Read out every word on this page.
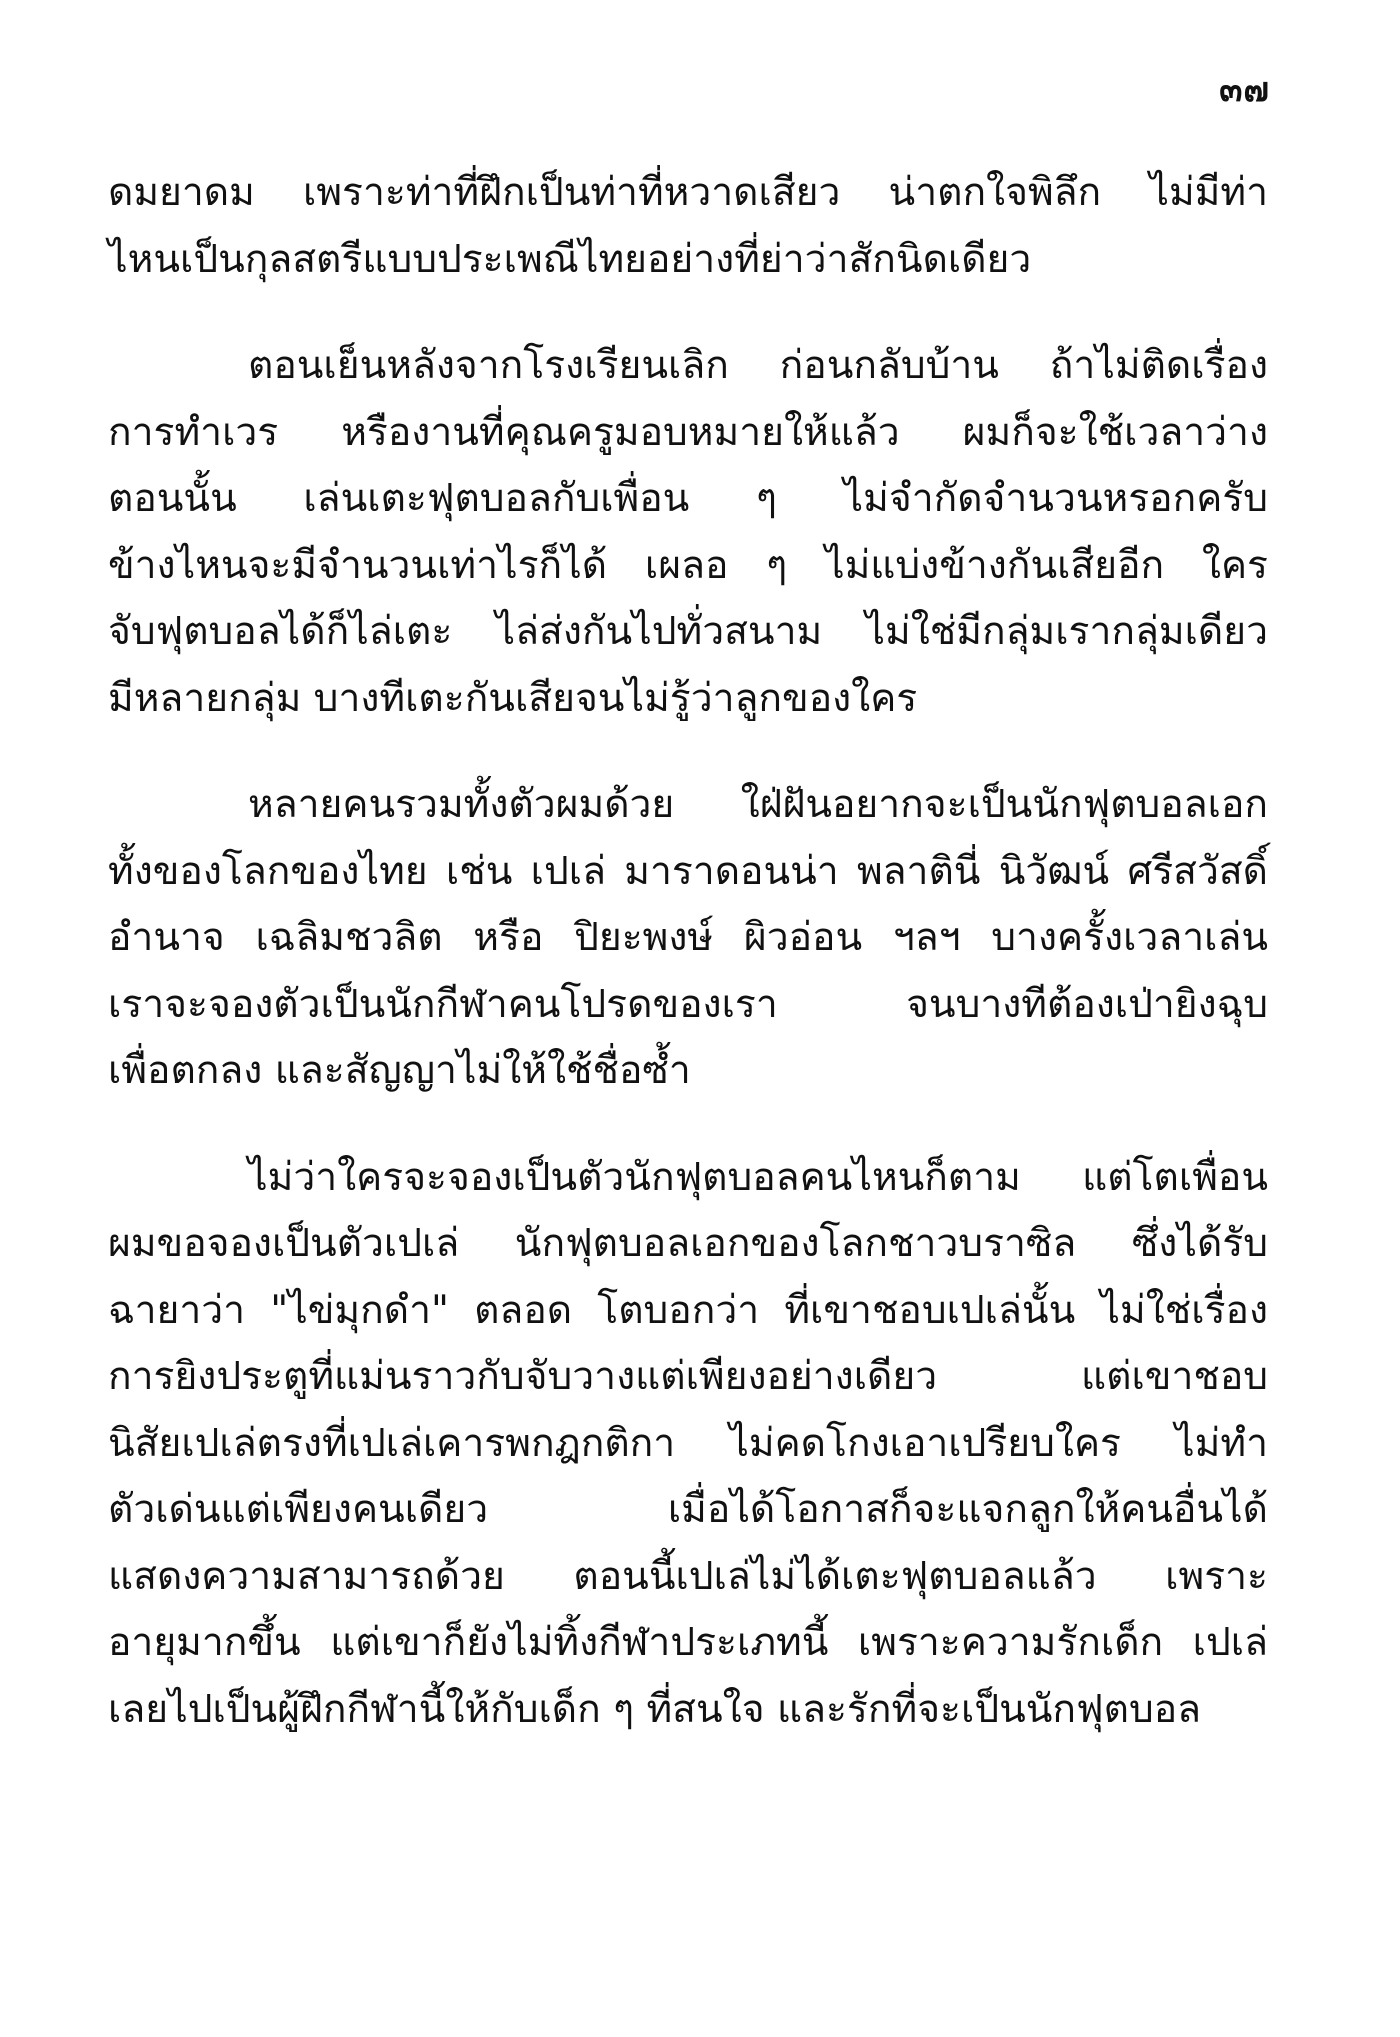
๓๗
ดมยาดม เพราะท่าที่ฝึกเป็นท่าที่หวาดเสียว น่าตกใจพิลึก ไม่มีท่า
ไหนเป็นกุลสตรีแบบประเพณีไทยอย่างที่ย่าว่าสักนิดเดียว
ตอนเย็นหลังจากโรงเรียนเลิก ก่อนกลับบ้าน ถ้าไม่ติดเรื่อง
การทำเวร หรืองานที่คุณครูมอบหมายให้แล้ว ผมก็จะใช้เวลาว่าง
ตอนนั้น เล่นเตะฟุตบอลกับเพื่อน ๆ ไม่จำกัดจำนวนหรอกครับ
ข้างไหนจะมีจำนวนเท่าไรก็ได้ เผลอ ๆ ไม่แบ่งข้างกันเสียอีก ใคร
จับฟุตบอลได้ก็ไล่เตะ ไล่ส่งกันไปทั่วสนาม ไม่ใช่มีกลุ่มเรากลุ่มเดียว
มีหลายกลุ่ม บางทีเตะกันเสียจนไม่รู้ว่าลูกของใคร
หลายคนรวมทั้งตัวผมด้วย ใฝ่ฝันอยากจะเป็นนักฟุตบอลเอก
ทั้งของโลกของไทย เช่น เปเล่ มาราดอนน่า พลาตินี่ นิวัฒน์ ศรีสวัสดิ์
อำนาจ เฉลิมชวลิต หรือ ปิยะพงษ์ ผิวอ่อน ฯลฯ บางครั้งเวลาเล่น
เราจะจองตัวเป็นนักกีฬาคนโปรดของเรา จนบางทีต้องเป่ายิงฉุบ
เพื่อตกลง และสัญญาไม่ให้ใช้ชื่อซ้ำ
ไม่ว่าใครจะจองเป็นตัวนักฟุตบอลคนไหนก็ตาม แต่โตเพื่อน
ผมขอจองเป็นตัวเปเล่ นักฟุตบอลเอกของโลกชาวบราซิล ซึ่งได้รับ
ฉายาว่า "ไข่มุกดำ" ตลอด โตบอกว่า ที่เขาชอบเปเล่นั้น ไม่ใช่เรื่อง
การยิงประตูที่แม่นราวกับจับวางแต่เพียงอย่างเดียว แต่เขาชอบ
นิสัยเปเล่ตรงที่เปเล่เคารพกฎกติกา ไม่คดโกงเอาเปรียบใคร ไม่ทำ
ตัวเด่นแต่เพียงคนเดียว เมื่อได้โอกาสก็จะแจกลูกให้คนอื่นได้
แสดงความสามารถด้วย ตอนนี้เปเล่ไม่ได้เตะฟุตบอลแล้ว เพราะ
อายุมากขึ้น แต่เขาก็ยังไม่ทิ้งกีฬาประเภทนี้ เพราะความรักเด็ก เปเล่
เลยไปเป็นผู้ฝึกกีฬานี้ให้กับเด็ก ๆ ที่สนใจ และรักที่จะเป็นนักฟุตบอล
